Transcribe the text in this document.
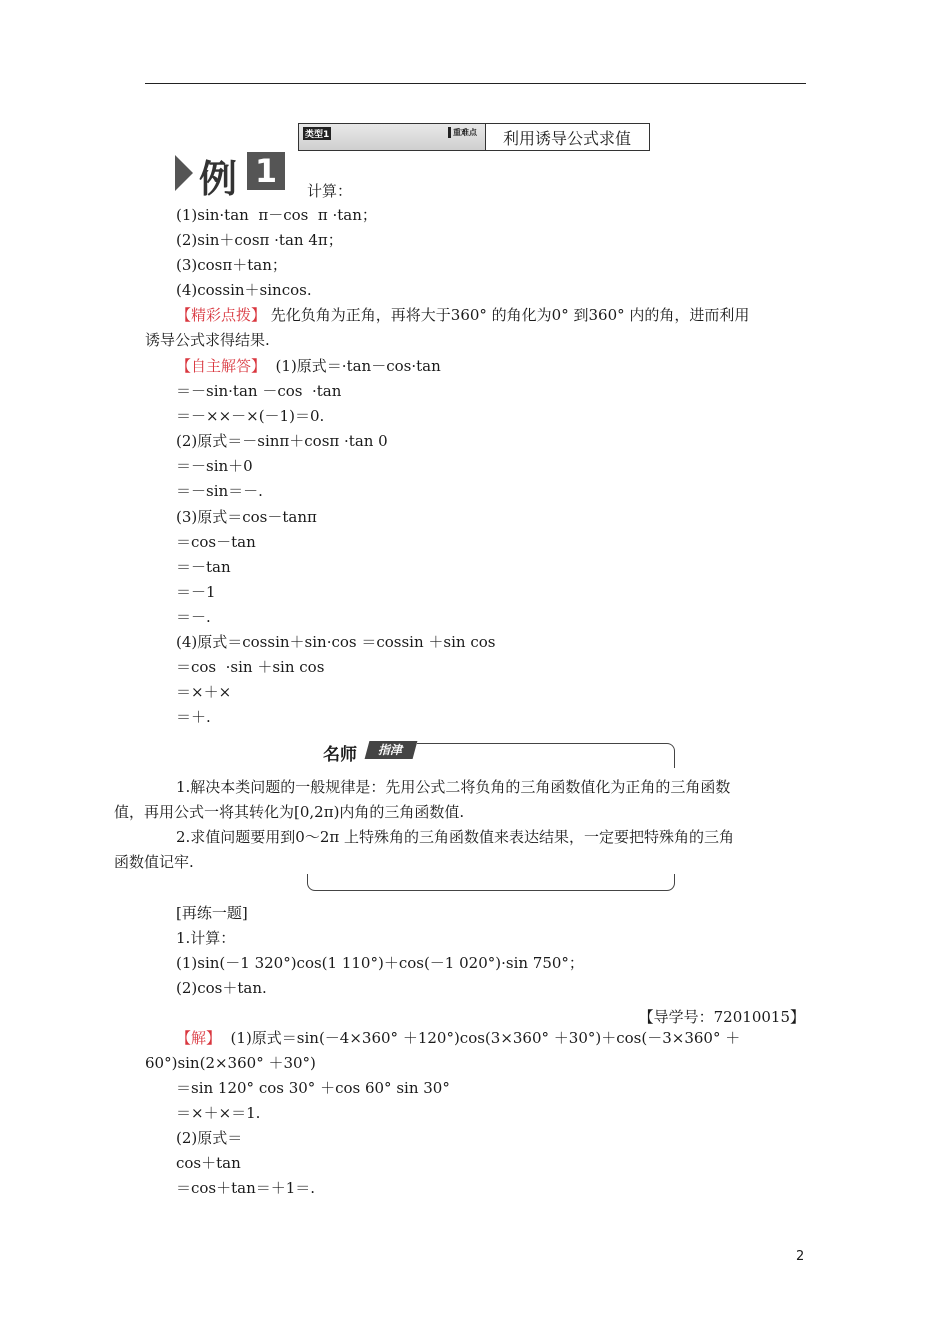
类型1	重难点 利用诱导公式求值
例 1
计算：
(1)sin·tan  π－cos  π ·tan；
(2)sin＋cosπ ·tan 4π；
(3)cosπ＋tan；
(4)cossin＋sincos.
【精彩点拨】 先化负角为正角，再将大于360° 的角化为0° 到360° 内的角，进而利用
诱导公式求得结果.
【自主解答】  (1)原式＝·tan－cos·tan
＝－sin·tan －cos  ·tan
＝－××－×(－1)＝0.
(2)原式＝－sinπ＋cosπ ·tan 0
＝－sin＋0
＝－sin＝－.
(3)原式＝cos－tanπ
＝cos－tan
＝－tan
＝－1
＝－.
(4)原式＝cossin＋sin·cos ＝cossin ＋sin cos
＝cos  ·sin ＋sin cos
＝×＋×
＝＋.
名师	指津
1.解决本类问题的一般规律是：先用公式二将负角的三角函数值化为正角的三角函数
值，再用公式一将其转化为[0,2π)内角的三角函数值.
2.求值问题要用到0～2π 上特殊角的三角函数值来表达结果，一定要把特殊角的三角
函数值记牢.
[再练一题]
1.计算：
(1)sin(－1 320°)cos(1 110°)＋cos(－1 020°)·sin 750°；
(2)cos＋tan.
【导学号：72010015】
【解】  (1)原式＝sin(－4×360° ＋120°)cos(3×360° ＋30°)＋cos(－3×360° ＋
60°)sin(2×360° ＋30°)
＝sin 120° cos 30° ＋cos 60° sin 30°
＝×＋×＝1.
(2)原式＝
cos＋tan
＝cos＋tan＝＋1＝.
2
